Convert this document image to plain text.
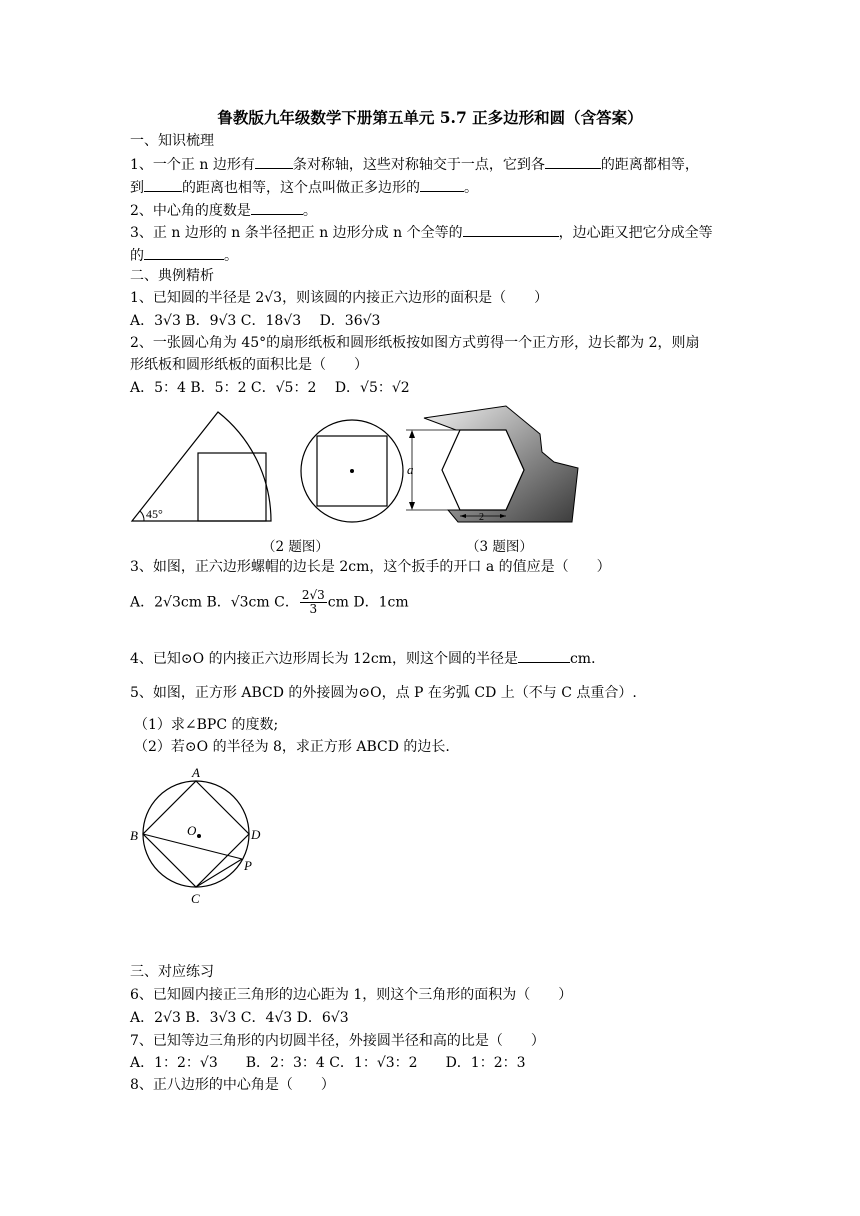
鲁教版九年级数学下册第五单元 5.7 正多边形和圆（含答案）
一、知识梳理
1、一个正 n 边形有	条对称轴，这些对称轴交于一点，它到各	的距离都相等，
到	的距离也相等，这个点叫做正多边形的	。
2、中心角的度数是	。
3、正 n 边形的 n 条半径把正 n 边形分成 n 个全等的	，边心距又把它分成全等
的	。
二、典例精析
1、已知圆的半径是 2√3，则该圆的内接正六边形的面积是（　　）
A．3√3 B．9√3 C．18√3　 D．36√3
2、一张圆心角为 45°的扇形纸板和圆形纸板按如图方式剪得一个正方形，边长都为 2，则扇
形纸板和圆形纸板的面积比是（　　）
A．5：4 B．5：2 C．√5：2　 D．√5：√2
45°
a
2
（2 题图）	（3 题图）
3、如图，正六边形螺帽的边长是 2cm，这个扳手的开口 a 的值应是（　　）
A．2√3cm B．√3cm C． $\frac{2√3}{3}$ cm D．1cm
4、已知⊙O 的内接正六边形周长为 12cm，则这个圆的半径是	cm．
5、如图，正方形 ABCD 的外接圆为⊙O，点 P 在劣弧 CD 上（不与 C 点重合）.
（1）求∠BPC 的度数;
（2）若⊙O 的半径为 8，求正方形 ABCD 的边长.
A
B
C
D
P
O
三、对应练习
6、已知圆内接正三角形的边心距为 1，则这个三角形的面积为（　　）
A．2√3 B．3√3 C．4√3 D．6√3
7、已知等边三角形的内切圆半径，外接圆半径和高的比是（　　）
A．1：2：√3　　B．2：3：4 C．1：√3：2　　D．1：2：3
8、正八边形的中心角是（　　）
